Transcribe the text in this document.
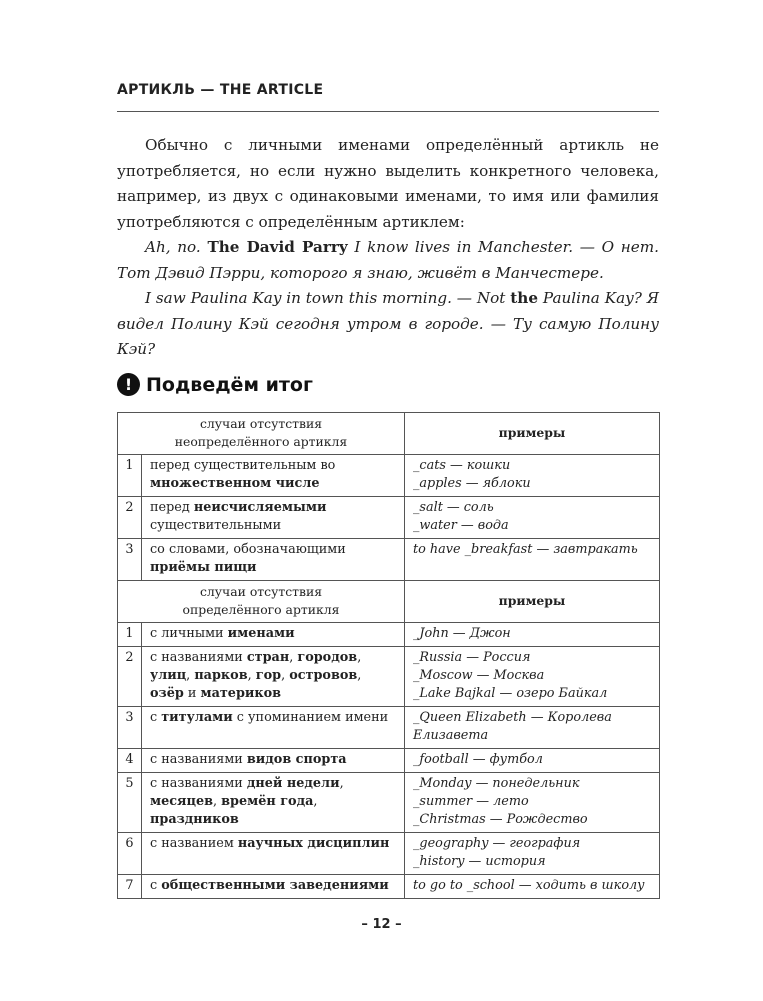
АРТИКЛЬ — THE ARTICLE

Обычно с личными именами определённый артикль не употребляется, но если нужно выделить конкретного человека, например, из двух с одинаковыми именами, то имя или фамилия употребляются с определённым артиклем:

Ah, no. The David Parry I know lives in Manchester. — О нет. Тот Дэвид Пэрри, которого я знаю, живёт в Манчестере.

I saw Paulina Kay in town this morning. — Not the Paulina Kay? Я видел Полину Кэй сегодня утром в городе. — Ту самую Полину Кэй?

! Подведём итог
случаи отсутствия
неопределённого артикля		примеры
1	перед существительным во множественном числе	_cats — кошки
_apples — яблоки

2	перед неисчисляемыми существительными	_salt — соль
_water — вода

3	со словами, обозначающими приёмы пищи	to have _breakfast — завтракать

случаи отсутствия
определённого артикля		примеры
1	с личными именами	_John — Джон

2	с названиями стран, городов, улиц, парков, гор, островов, озёр и материков	_Russia — Россия
_Moscow — Москва
_Lake Bajkal — озеро Байкал

3	с титулами с упоминанием имени	_Queen Elizabeth — Королева Елизавета

4	с названиями видов спорта	_football — футбол

5	с названиями дней недели, месяцев, времён года, праздников	_Monday — понедельник
_summer — лето
_Christmas — Рождество

6	с названием научных дисциплин	_geography — география
_history — история

7	с общественными заведениями	to go to _school — ходить в школу
– 12 –
